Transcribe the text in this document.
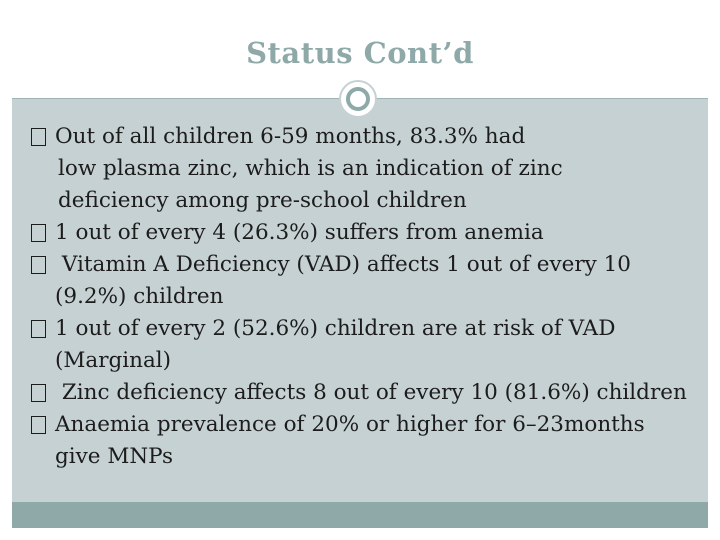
Status Cont’d
Out of all children 6-59 months, 83.3% had
low plasma zinc, which is an indication of zinc
deficiency among pre-school children
1 out of every 4 (26.3%) suffers from anemia
Vitamin A Deficiency (VAD) affects 1 out of every 10
(9.2%) children
1 out of every 2 (52.6%) children are at risk of VAD
(Marginal)
Zinc deficiency affects 8 out of every 10 (81.6%) children
Anaemia prevalence of 20% or higher for 6–23months
give MNPs
